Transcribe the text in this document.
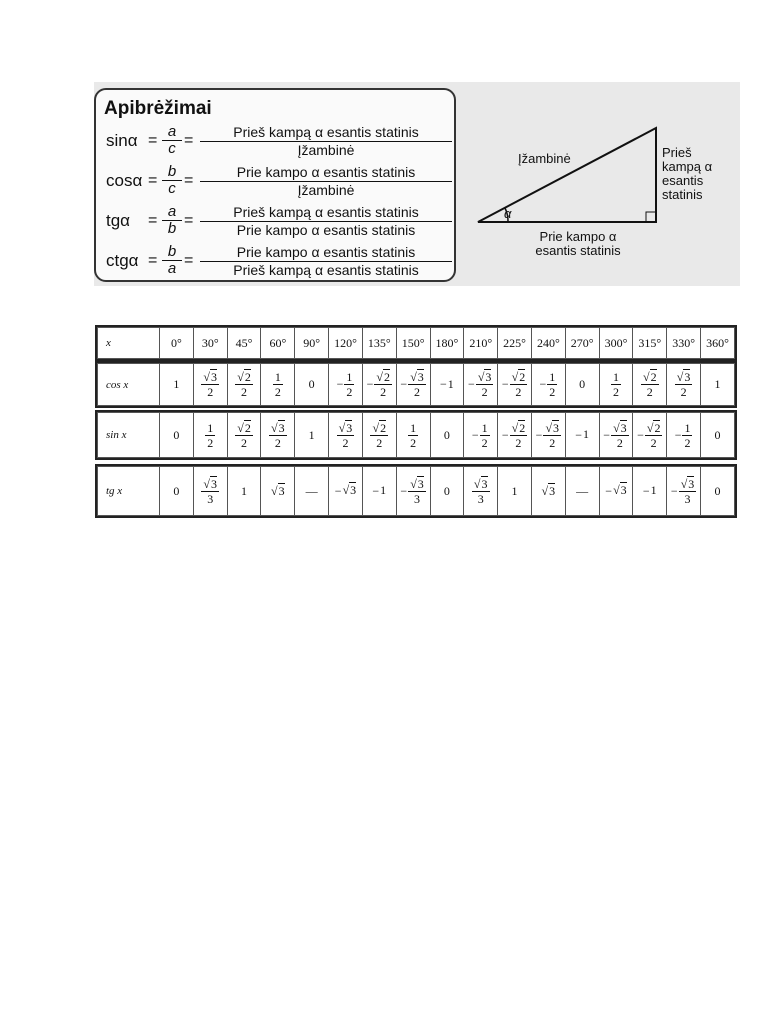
Apibrėžimai
$\sin\alpha = \frac{a}{c}$ =	Prieš kampą α esantis statinis
Įžambinė
$\cos\alpha = \frac{b}{c}$ =	Prie kampo α esantis statinis
Įžambinė
$tg\alpha = \frac{a}{b}$ =	Prieš kampą α esantis statinis
Prie kampo α esantis statinis
$ctg\alpha = \frac{b}{a}$ =	Prie kampo α esantis statinis
Prieš kampą α esantis statinis
α
Įžambinė	Prieš
kampą α
esantis
statinis
Prie kampo α
esantis statinis
x	0°	30°	45°	60°	90°	120°	135°	150°	180°	210°	225°	240°	270°	300°	315°	330°	360°
cos x	1	$\frac{√3}{2}$	$\frac{√2}{2}$	$\frac{1}{2}$	0	− $\frac{1}{2}$	− $\frac{√2}{2}$	− $\frac{√3}{2}$	−1	− $\frac{√3}{2}$	− $\frac{√2}{2}$	− $\frac{1}{2}$	0	$\frac{1}{2}$	$\frac{√2}{2}$	$\frac{√3}{2}$	1
sin x	0	$\frac{1}{2}$	$\frac{√2}{2}$	$\frac{√3}{2}$	1	$\frac{√3}{2}$	$\frac{√2}{2}$	$\frac{1}{2}$	0	− $\frac{1}{2}$	− $\frac{√2}{2}$	− $\frac{√3}{2}$	−1	− $\frac{√3}{2}$	− $\frac{√2}{2}$	− $\frac{1}{2}$	0
tg x	0	$\frac{√3}{3}$	1	√3	—	−√3	−1	− $\frac{√3}{3}$	0	$\frac{√3}{3}$	1	√3	—	−√3	−1	− $\frac{√3}{3}$	0
